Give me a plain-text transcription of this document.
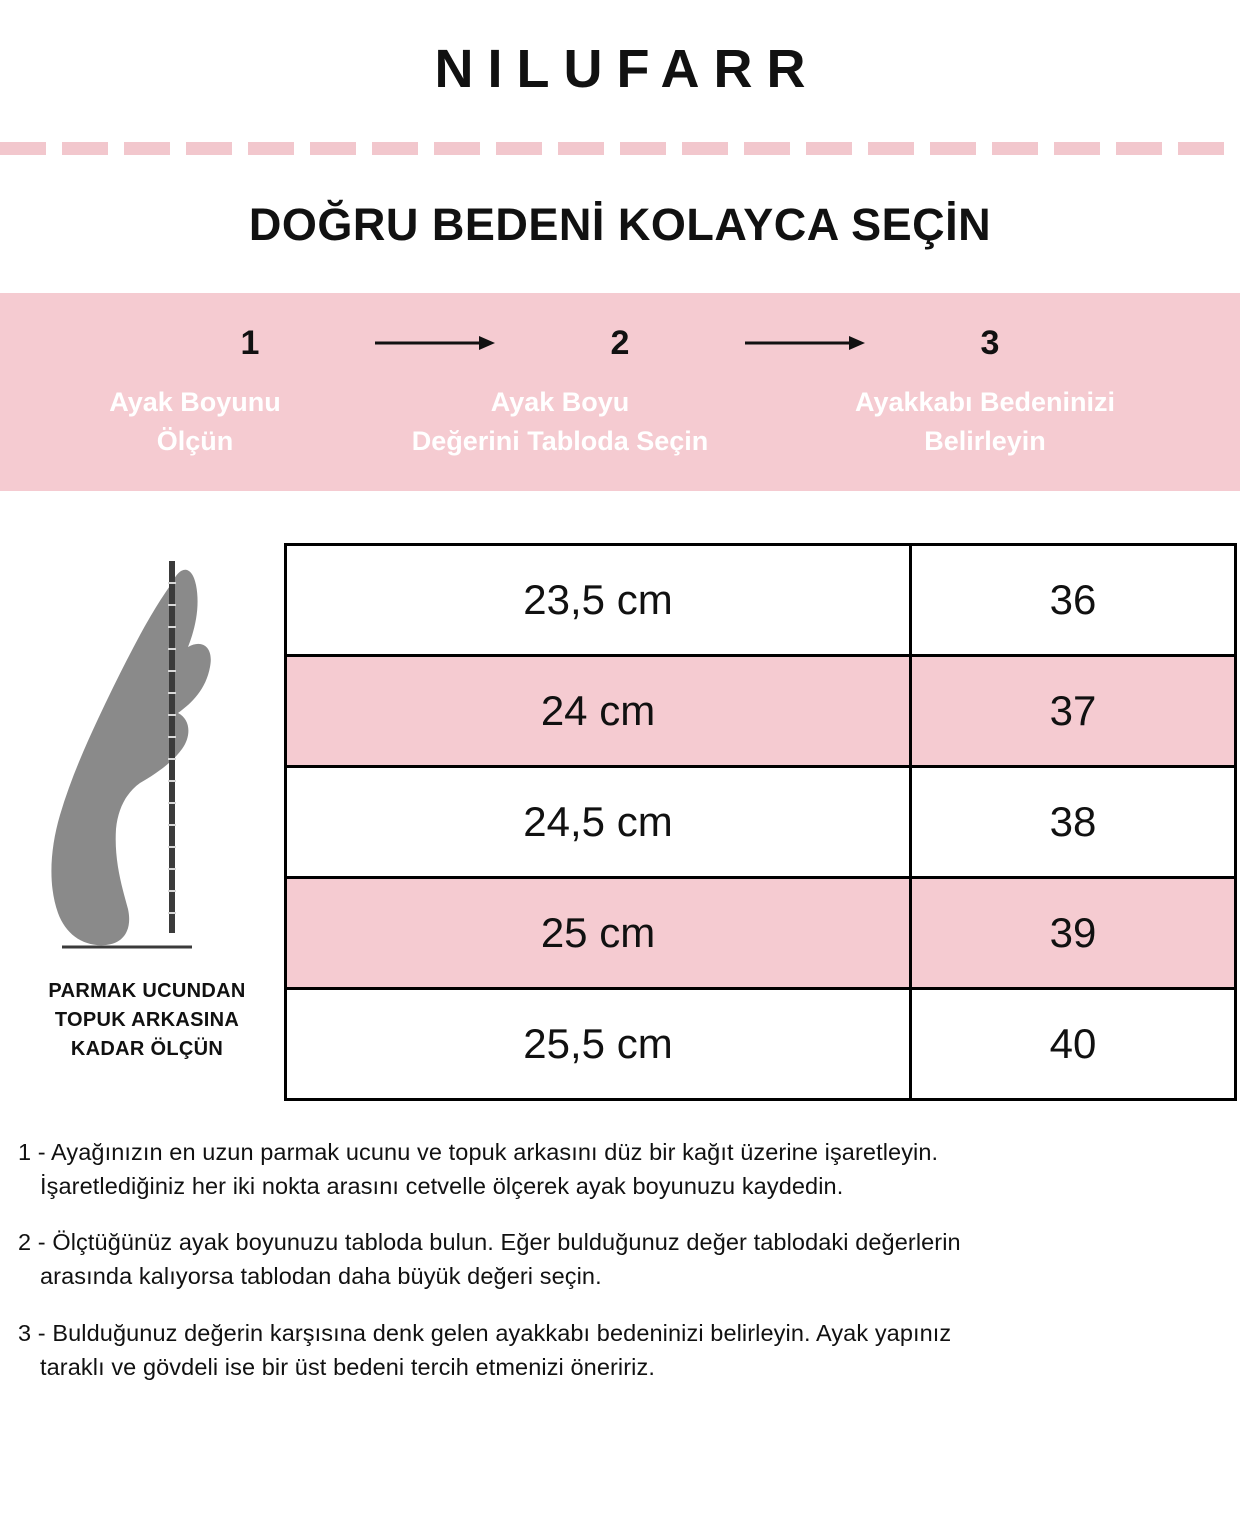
NILUFARR
DOĞRU BEDENİ KOLAYCA SEÇİN
1	2	3
Ayak Boyunu
Ölçün
Ayak Boyu
Değerini Tabloda Seçin
Ayakkabı Bedeninizi
Belirleyin
PARMAK UCUNDAN
TOPUK ARKASINA
KADAR ÖLÇÜN
23,5 cm	36
24 cm	37
24,5 cm	38
25 cm	39
25,5 cm	40
1 - Ayağınızın en uzun parmak ucunu ve topuk arkasını düz bir kağıt üzerine işaretleyin.
İşaretlediğiniz her iki nokta arasını cetvelle ölçerek ayak boyunuzu kaydedin.
2 - Ölçtüğünüz ayak boyunuzu tabloda bulun. Eğer bulduğunuz değer tablodaki değerlerin
arasında kalıyorsa tablodan daha büyük değeri seçin.
3 - Bulduğunuz değerin karşısına denk gelen ayakkabı bedeninizi belirleyin. Ayak yapınız
taraklı ve gövdeli ise bir üst bedeni tercih etmenizi öneririz.
